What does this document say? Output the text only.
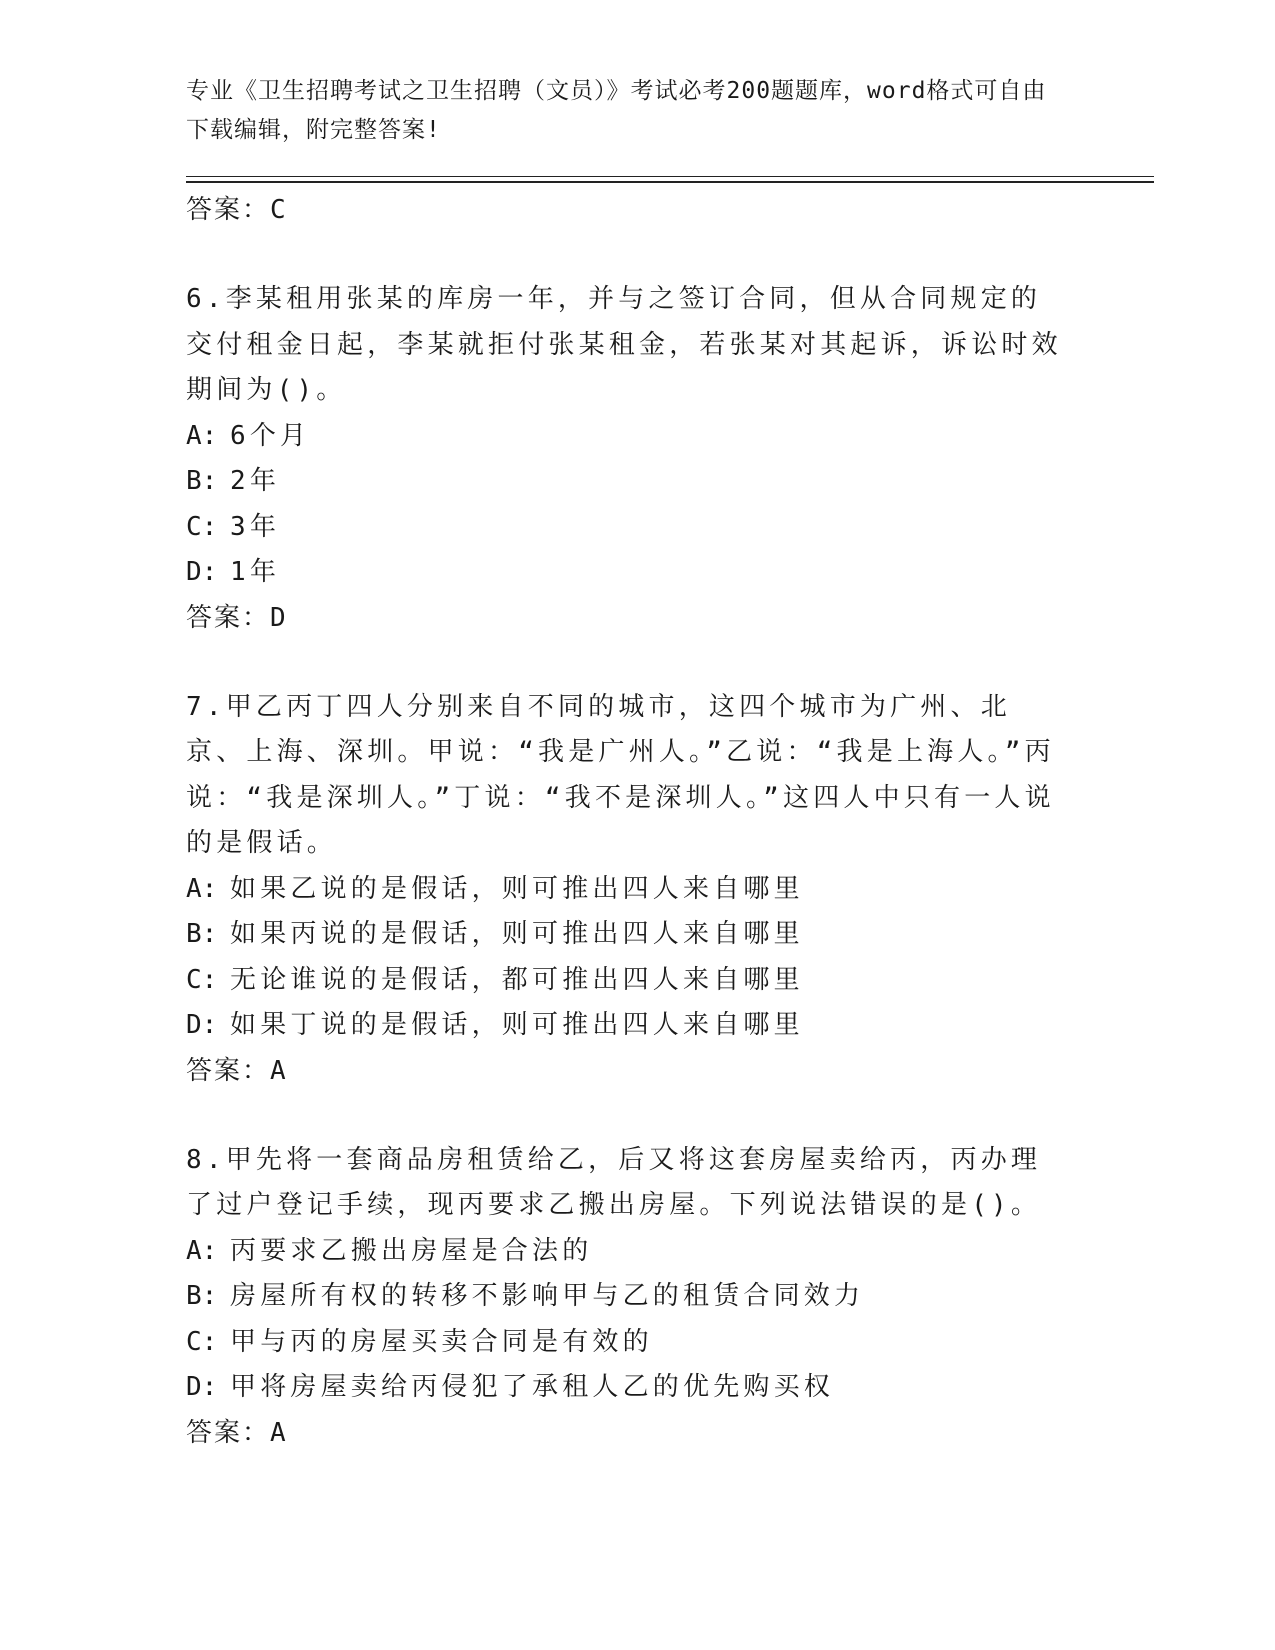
专业《卫生招聘考试之卫生招聘（文员）》考试必考200题题库，word格式可自由下载编辑，附完整答案!

答案：C

6.李某租用张某的库房一年，并与之签订合同，但从合同规定的交付租金日起，李某就拒付张某租金，若张某对其起诉，诉讼时效期间为()。

A: 6个月

B: 2年

C: 3年

D: 1年

答案：D

7.甲乙丙丁四人分别来自不同的城市，这四个城市为广州、北京、上海、深圳。甲说：“我是广州人。”乙说：“我是上海人。”丙说：“我是深圳人。”丁说：“我不是深圳人。”这四人中只有一人说的是假话。

A: 如果乙说的是假话，则可推出四人来自哪里

B: 如果丙说的是假话，则可推出四人来自哪里

C: 无论谁说的是假话，都可推出四人来自哪里

D: 如果丁说的是假话，则可推出四人来自哪里

答案：A

8.甲先将一套商品房租赁给乙，后又将这套房屋卖给丙，丙办理了过户登记手续，现丙要求乙搬出房屋。下列说法错误的是()。

A: 丙要求乙搬出房屋是合法的

B: 房屋所有权的转移不影响甲与乙的租赁合同效力

C: 甲与丙的房屋买卖合同是有效的

D: 甲将房屋卖给丙侵犯了承租人乙的优先购买权

答案：A
